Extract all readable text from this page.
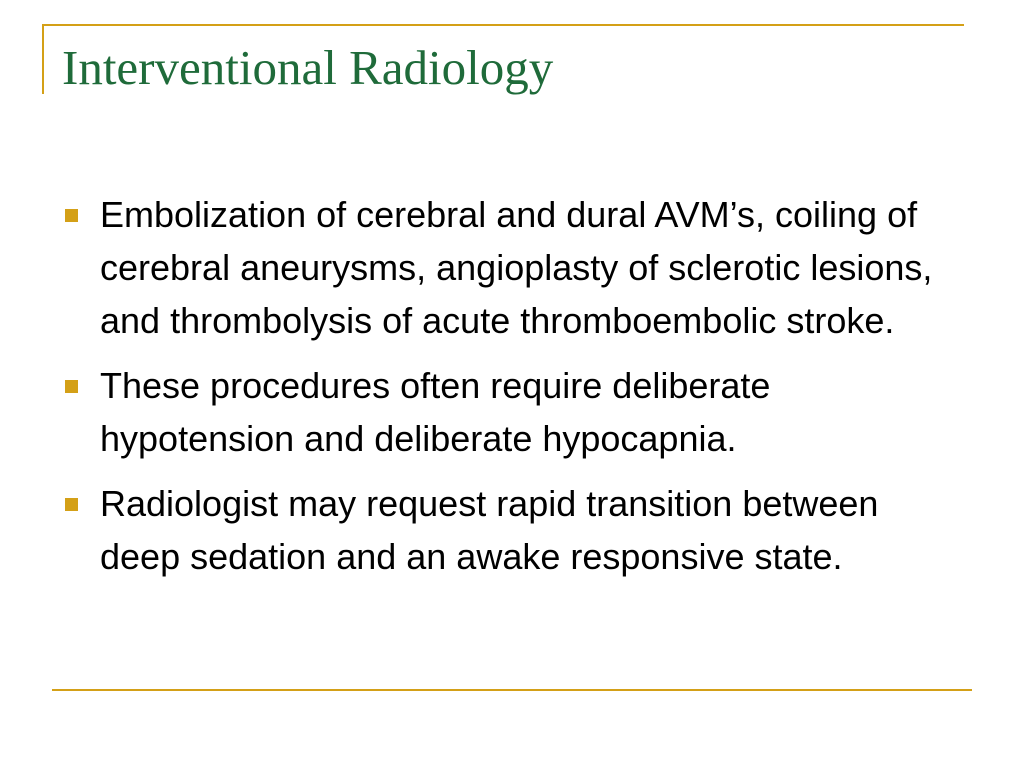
Interventional Radiology
Embolization of cerebral and dural AVM’s, coiling of cerebral aneurysms, angioplasty of sclerotic lesions, and thrombolysis of acute thromboembolic stroke.
These procedures often require deliberate hypotension and deliberate hypocapnia.
Radiologist may request rapid transition between deep sedation and an awake responsive state.
